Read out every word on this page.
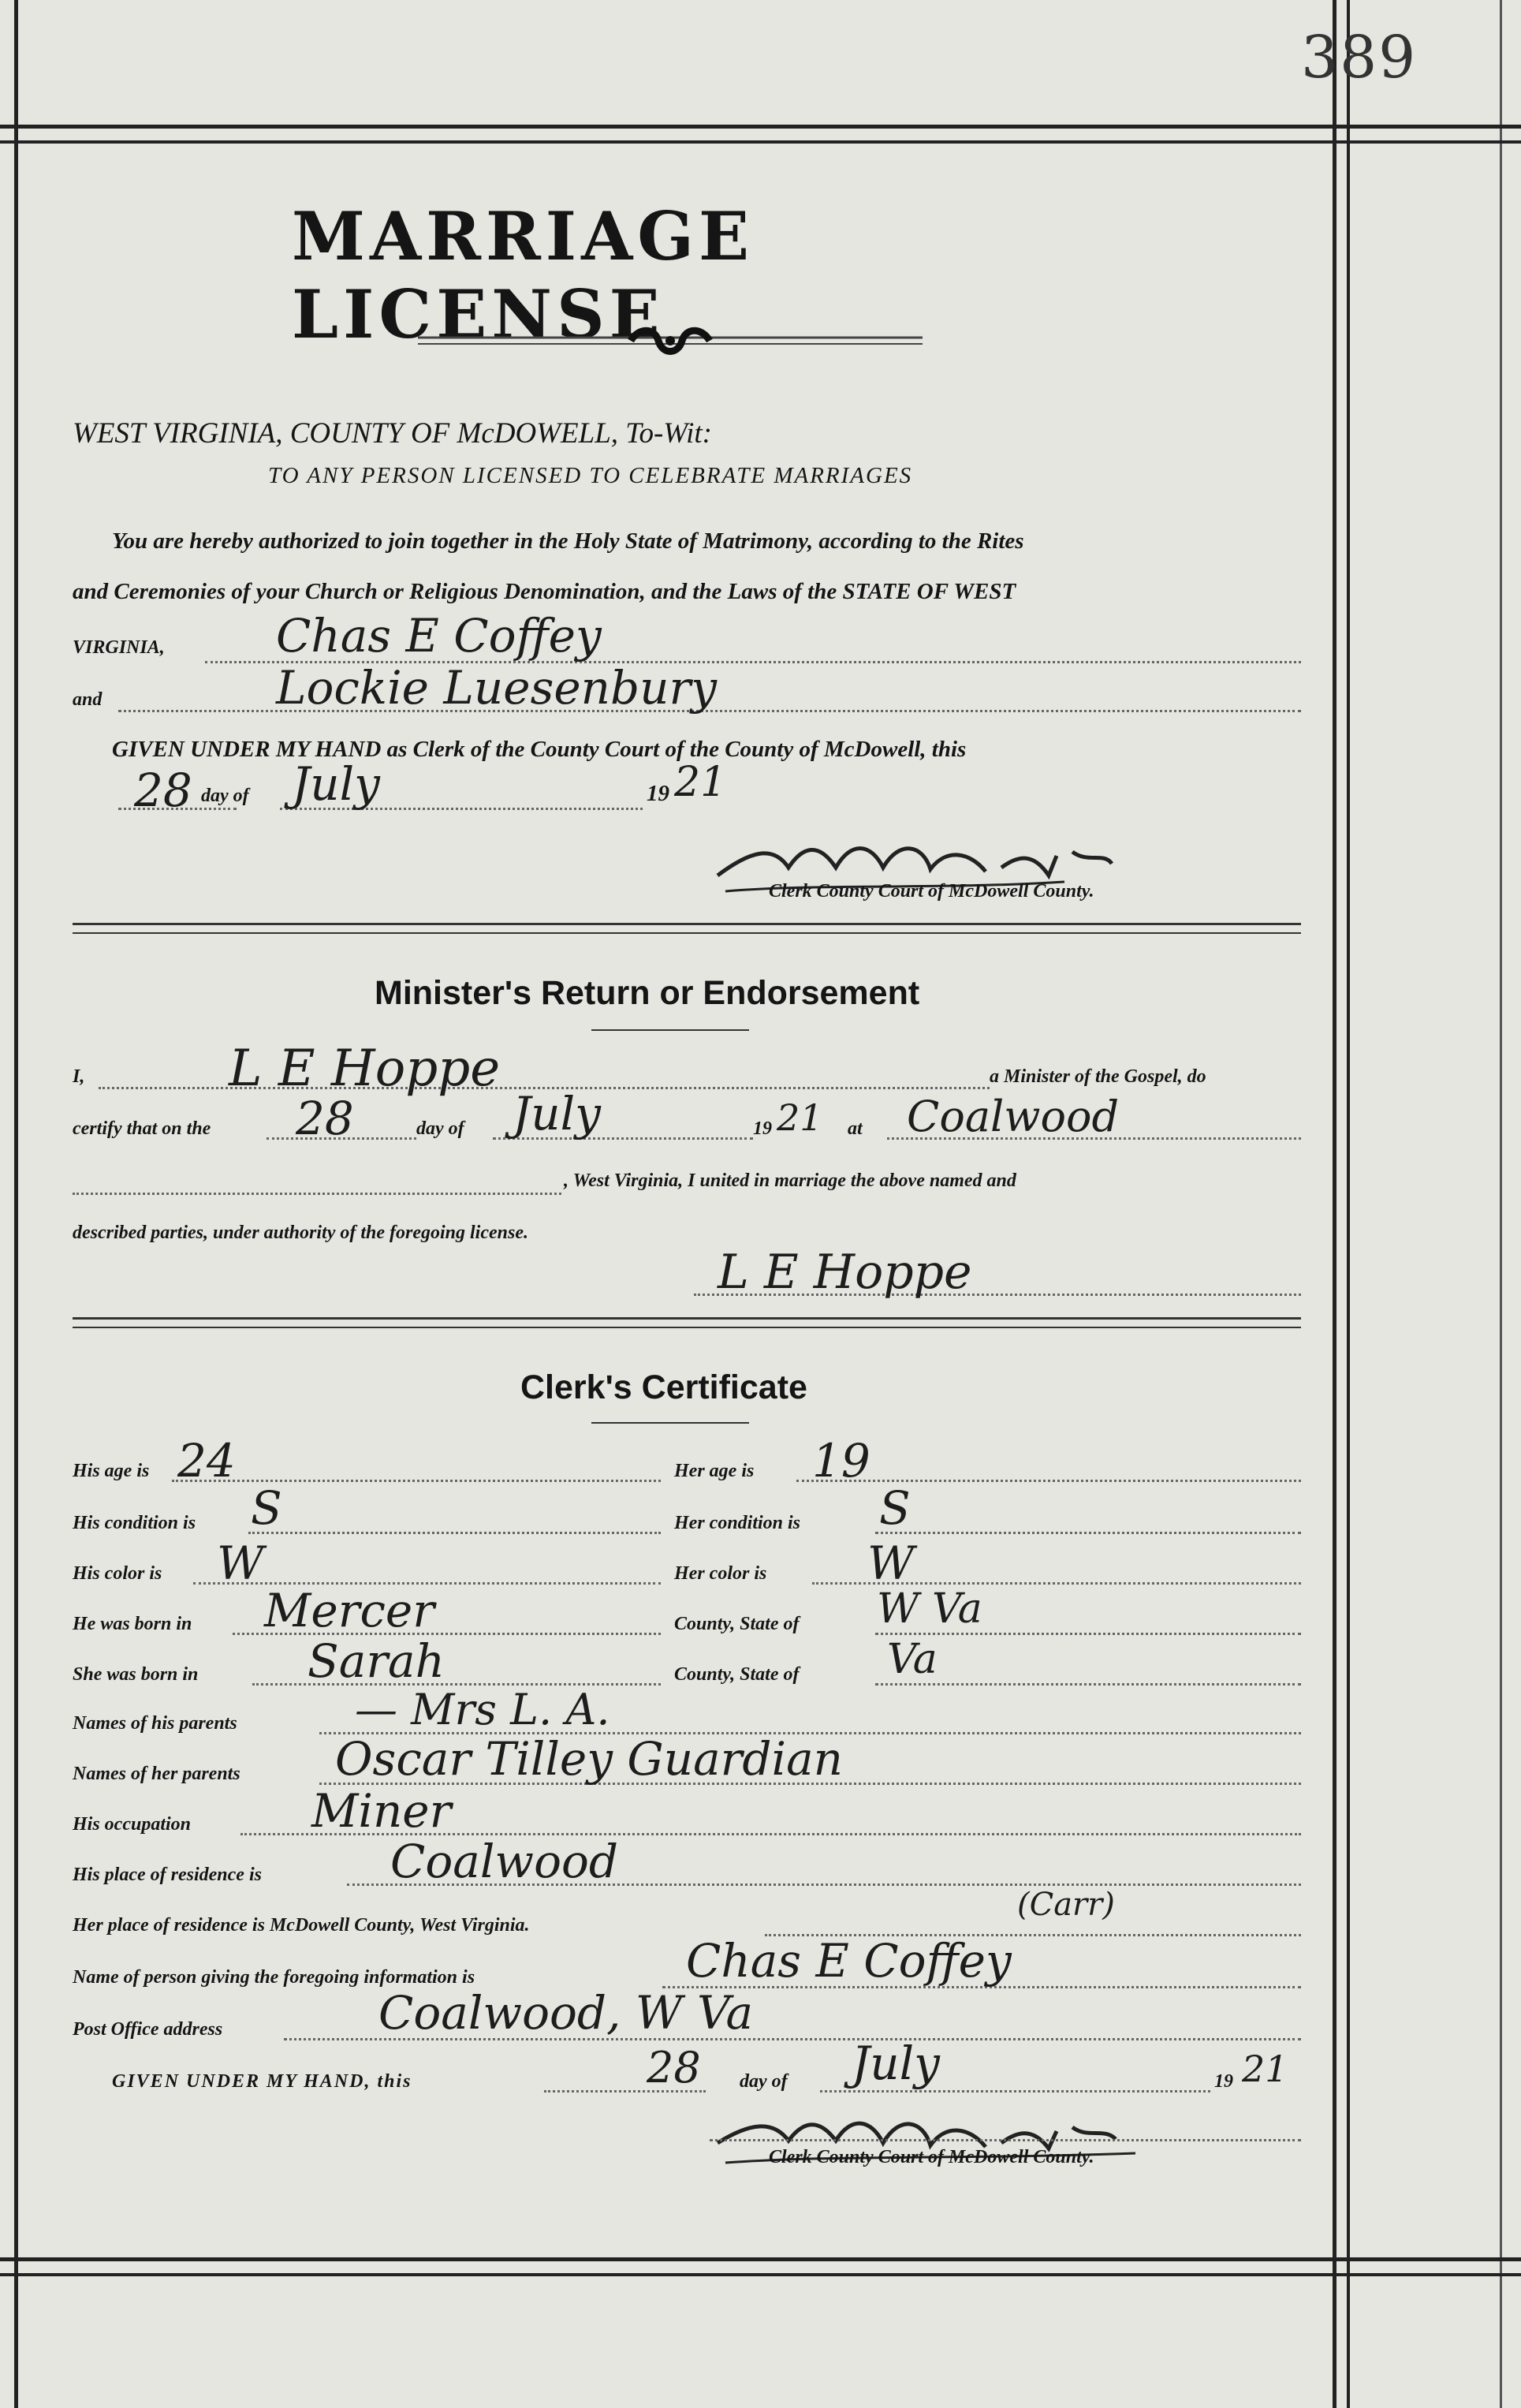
389
MARRIAGE LICENSE
WEST VIRGINIA, COUNTY OF McDOWELL, To-Wit:
TO ANY PERSON LICENSED TO CELEBRATE MARRIAGES
You are hereby authorized to join together in the Holy State of Matrimony, according to the Rites
and Ceremonies of your Church or Religious Denomination, and the Laws of the STATE OF WEST
VIRGINIA, Chas E Coffey
and	Lockie Luesenbury
GIVEN UNDER MY HAND as Clerk of the County Court of the County of McDowell, this
28 day of July	19 21
Clerk County Court of McDowell County.
Minister's Return or Endorsement
I,	L E Hoppe	a Minister of the Gospel, do
certify that on the 28	day of July	19 21 at Coalwood
, West Virginia, I united in marriage the above named and
described parties, under authority of the foregoing license.
L E Hoppe
Clerk's Certificate
His age is 24	Her age is 19
His condition is S	Her condition is S
His color is W	Her color is W
He was born in Mercer	County, State of W Va
She was born in Sarah	County, State of Va
Names of his parents	— Mrs L. A.
Names of her parents Oscar Tilley Guardian
His occupation	Miner
His place of residence is	Coalwood
Her place of residence is McDowell County, West Virginia.
(Carr)
Name of person giving the foregoing information is	Chas E Coffey
Post Office address	Coalwood, W Va
GIVEN UNDER MY HAND, this	28 day of July	19 21
Clerk County Court of McDowell County.
